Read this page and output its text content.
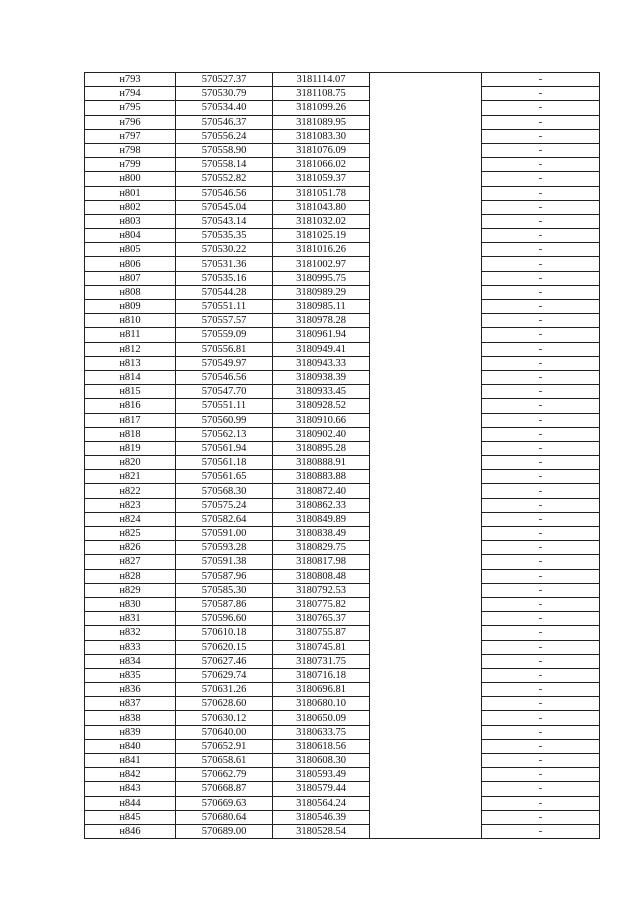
н793	570527.37	3181114.07		-
н794	570530.79	3181108.75		-
н795	570534.40	3181099.26		-
н796	570546.37	3181089.95		-
н797	570556.24	3181083.30		-
н798	570558.90	3181076.09		-
н799	570558.14	3181066.02		-
н800	570552.82	3181059.37		-
н801	570546.56	3181051.78		-
н802	570545.04	3181043.80		-
н803	570543.14	3181032.02		-
н804	570535.35	3181025.19		-
н805	570530.22	3181016.26		-
н806	570531.36	3181002.97		-
н807	570535.16	3180995.75		-
н808	570544.28	3180989.29		-
н809	570551.11	3180985.11		-
н810	570557.57	3180978.28		-
н811	570559.09	3180961.94		-
н812	570556.81	3180949.41		-
н813	570549.97	3180943.33		-
н814	570546.56	3180938.39		-
н815	570547.70	3180933.45		-
н816	570551.11	3180928.52		-
н817	570560.99	3180910.66		-
н818	570562.13	3180902.40		-
н819	570561.94	3180895.28		-
н820	570561.18	3180888.91		-
н821	570561.65	3180883.88		-
н822	570568.30	3180872.40		-
н823	570575.24	3180862.33		-
н824	570582.64	3180849.89		-
н825	570591.00	3180838.49		-
н826	570593.28	3180829.75		-
н827	570591.38	3180817.98		-
н828	570587.96	3180808.48		-
н829	570585.30	3180792.53		-
н830	570587.86	3180775.82		-
н831	570596.60	3180765.37		-
н832	570610.18	3180755.87		-
н833	570620.15	3180745.81		-
н834	570627.46	3180731.75		-
н835	570629.74	3180716.18		-
н836	570631.26	3180696.81		-
н837	570628.60	3180680.10		-
н838	570630.12	3180650.09		-
н839	570640.00	3180633.75		-
н840	570652.91	3180618.56		-
н841	570658.61	3180608.30		-
н842	570662.79	3180593.49		-
н843	570668.87	3180579.44		-
н844	570669.63	3180564.24		-
н845	570680.64	3180546.39		-
н846	570689.00	3180528.54		-
